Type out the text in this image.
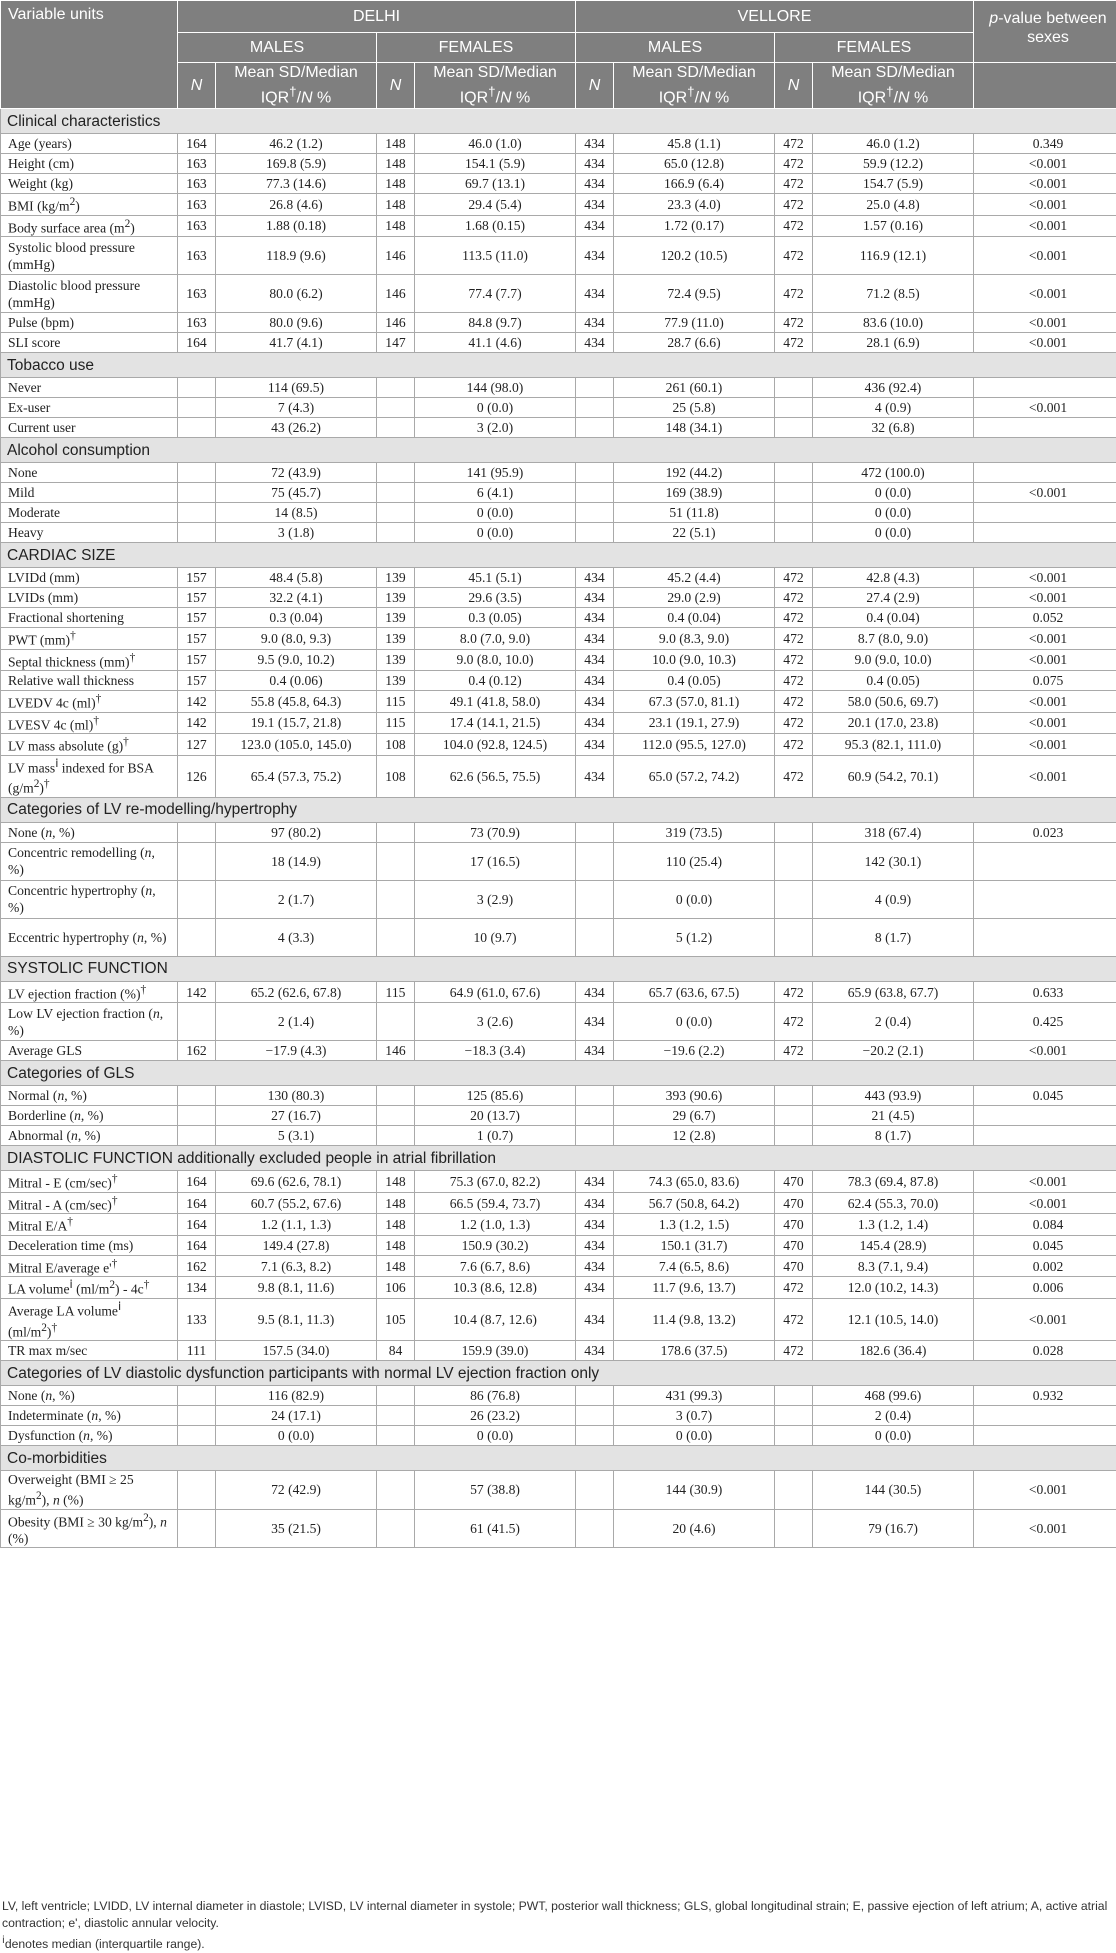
Variable units	DELHI				VELLORE				p-value between sexes
	MALES		FEMALES		MALES		FEMALES		
	N	Mean SD/Median IQR†/N %	N	Mean SD/Median IQR†/N %	N	Mean SD/Median IQR†/N %	N	Mean SD/Median IQR†/N %	
Clinical characteristics									
Age (years)	164	46.2 (1.2)	148	46.0 (1.0)	434	45.8 (1.1)	472	46.0 (1.2)	0.349
Height (cm)	163	169.8 (5.9)	148	154.1 (5.9)	434	65.0 (12.8)	472	59.9 (12.2)	<0.001
Weight (kg)	163	77.3 (14.6)	148	69.7 (13.1)	434	166.9 (6.4)	472	154.7 (5.9)	<0.001
BMI $(kg/m^2)$	163	26.8 (4.6)	148	29.4 (5.4)	434	23.3 (4.0)	472	25.0 (4.8)	<0.001
Body surface area $(m^2)$	163	1.88 (0.18)	148	1.68 (0.15)	434	1.72 (0.17)	472	1.57 (0.16)	<0.001
Systolic blood pressure (mmHg)	163	118.9 (9.6)	146	113.5 (11.0)	434	120.2 (10.5)	472	116.9 (12.1)	<0.001
Diastolic blood pressure (mmHg)	163	80.0 (6.2)	146	77.4 (7.7)	434	72.4 (9.5)	472	71.2 (8.5)	<0.001
Pulse (bpm)	163	80.0 (9.6)	146	84.8 (9.7)	434	77.9 (11.0)	472	83.6 (10.0)	<0.001
SLI score	164	41.7 (4.1)	147	41.1 (4.6)	434	28.7 (6.6)	472	28.1 (6.9)	<0.001
Tobacco use									
Never		114 (69.5)		144 (98.0)		261 (60.1)		436 (92.4)	
Ex-user		7 (4.3)		0 (0.0)		25 (5.8)		4 (0.9)	<0.001
Current user		43 (26.2)		3 (2.0)		148 (34.1)		32 (6.8)	
Alcohol consumption									
None		72 (43.9)		141 (95.9)		192 (44.2)		472 (100.0)	
Mild		75 (45.7)		6 (4.1)		169 (38.9)		0 (0.0)	<0.001
Moderate		14 (8.5)		0 (0.0)		51 (11.8)		0 (0.0)	
Heavy		3 (1.8)		0 (0.0)		22 (5.1)		0 (0.0)	
CARDIAC SIZE									
LVIDd (mm)	157	48.4 (5.8)	139	45.1 (5.1)	434	45.2 (4.4)	472	42.8 (4.3)	<0.001
LVIDs (mm)	157	32.2 (4.1)	139	29.6 (3.5)	434	29.0 (2.9)	472	27.4 (2.9)	<0.001
Fractional shortening	157	0.3 (0.04)	139	0.3 (0.05)	434	0.4 (0.04)	472	0.4 (0.04)	0.052
PWT (mm)†	157	9.0 (8.0, 9.3)	139	8.0 (7.0, 9.0)	434	9.0 (8.3, 9.0)	472	8.7 (8.0, 9.0)	<0.001
Septal thickness (mm)†	157	9.5 (9.0, 10.2)	139	9.0 (8.0, 10.0)	434	10.0 (9.0, 10.3)	472	9.0 (9.0, 10.0)	<0.001
Relative wall thickness	157	0.4 (0.06)	139	0.4 (0.12)	434	0.4 (0.05)	472	0.4 (0.05)	0.075
LVEDV 4c (ml)†	142	55.8 (45.8, 64.3)	115	49.1 (41.8, 58.0)	434	67.3 (57.0, 81.1)	472	58.0 (50.6, 69.7)	<0.001
LVESV 4c (ml)†	142	19.1 (15.7, 21.8)	115	17.4 (14.1, 21.5)	434	23.1 (19.1, 27.9)	472	20.1 (17.0, 23.8)	<0.001
LV mass absolute (g)†	127	123.0 (105.0, 145.0)	108	104.0 (92.8, 124.5)	434	112.0 (95.5, 127.0)	472	95.3 (82.1, 111.0)	<0.001
LV mass$^ⅰ$ indexed for BSA $(g/m^2)^\dagger$	126	65.4 (57.3, 75.2)	108	62.6 (56.5, 75.5)	434	65.0 (57.2, 74.2)	472	60.9 (54.2, 70.1)	<0.001
Categories of LV re-modelling/hypertrophy									
None (n, %)		97 (80.2)		73 (70.9)		319 (73.5)		318 (67.4)	0.023
Concentric remodelling (n, %)		18 (14.9)		17 (16.5)		110 (25.4)		142 (30.1)	
Concentric hypertrophy (n, %)		2 (1.7)		3 (2.9)		0 (0.0)		4 (0.9)	
Eccentric hypertrophy (n, %)		4 (3.3)		10 (9.7)		5 (1.2)		8 (1.7)	
SYSTOLIC FUNCTION									
LV ejection fraction (%)†	142	65.2 (62.6, 67.8)	115	64.9 (61.0, 67.6)	434	65.7 (63.6, 67.5)	472	65.9 (63.8, 67.7)	0.633
Low LV ejection fraction (n, %)		2 (1.4)		3 (2.6)	434	0 (0.0)	472	2 (0.4)	0.425
Average GLS	162	−17.9 (4.3)	146	−18.3 (3.4)	434	−19.6 (2.2)	472	−20.2 (2.1)	<0.001
Categories of GLS									
Normal (n, %)		130 (80.3)		125 (85.6)		393 (90.6)		443 (93.9)	0.045
Borderline (n, %)		27 (16.7)		20 (13.7)		29 (6.7)		21 (4.5)	
Abnormal (n, %)		5 (3.1)		1 (0.7)		12 (2.8)		8 (1.7)	
DIASTOLIC FUNCTION additionally excluded people in atrial fibrillation									
Mitral - E (cm/sec)†	164	69.6 (62.6, 78.1)	148	75.3 (67.0, 82.2)	434	74.3 (65.0, 83.6)	470	78.3 (69.4, 87.8)	<0.001
Mitral - A (cm/sec)†	164	60.7 (55.2, 67.6)	148	66.5 (59.4, 73.7)	434	56.7 (50.8, 64.2)	470	62.4 (55.3, 70.0)	<0.001
Mitral E/A†	164	1.2 (1.1, 1.3)	148	1.2 (1.0, 1.3)	434	1.3 (1.2, 1.5)	470	1.3 (1.2, 1.4)	0.084
Deceleration time (ms)	164	149.4 (27.8)	148	150.9 (30.2)	434	150.1 (31.7)	470	145.4 (28.9)	0.045
Mitral E/average e'†	162	7.1 (6.3, 8.2)	148	7.6 (6.7, 8.6)	434	7.4 (6.5, 8.6)	470	8.3 (7.1, 9.4)	0.002
LA volume$^ⅰ$ $(ml/m^2) - 4c^\dagger$	134	9.8 (8.1, 11.6)	106	10.3 (8.6, 12.8)	434	11.7 (9.6, 13.7)	472	12.0 (10.2, 14.3)	0.006
Average LA volume$^ⅰ$ $(ml/m^2)^\dagger$	133	9.5 (8.1, 11.3)	105	10.4 (8.7, 12.6)	434	11.4 (9.8, 13.2)	472	12.1 (10.5, 14.0)	<0.001
TR max m/sec	111	157.5 (34.0)	84	159.9 (39.0)	434	178.6 (37.5)	472	182.6 (36.4)	0.028
Categories of LV diastolic dysfunction participants with normal LV ejection fraction only									
None (n, %)		116 (82.9)		86 (76.8)		431 (99.3)		468 (99.6)	0.932
Indeterminate (n, %)		24 (17.1)		26 (23.2)		3 (0.7)		2 (0.4)	
Dysfunction (n, %)		0 (0.0)		0 (0.0)		0 (0.0)		0 (0.0)	
Co-morbidities									
Overweight (BMI ≥ 25 $kg/m^2$), n (%)		72 (42.9)		57 (38.8)		144 (30.9)		144 (30.5)	<0.001
Obesity (BMI ≥ 30 $kg/m^2$), n (%)		35 (21.5)		61 (41.5)		20 (4.6)		79 (16.7)	<0.001
LV, left ventricle; LVIDD, LV internal diameter in diastole; LVISD, LV internal diameter in systole; PWT, posterior wall thickness; GLS, global longitudinal strain; E, passive ejection of left atrium; A, active atrial contraction; e', diastolic annular velocity.
$^ⅰ$denotes median (interquartile range).
